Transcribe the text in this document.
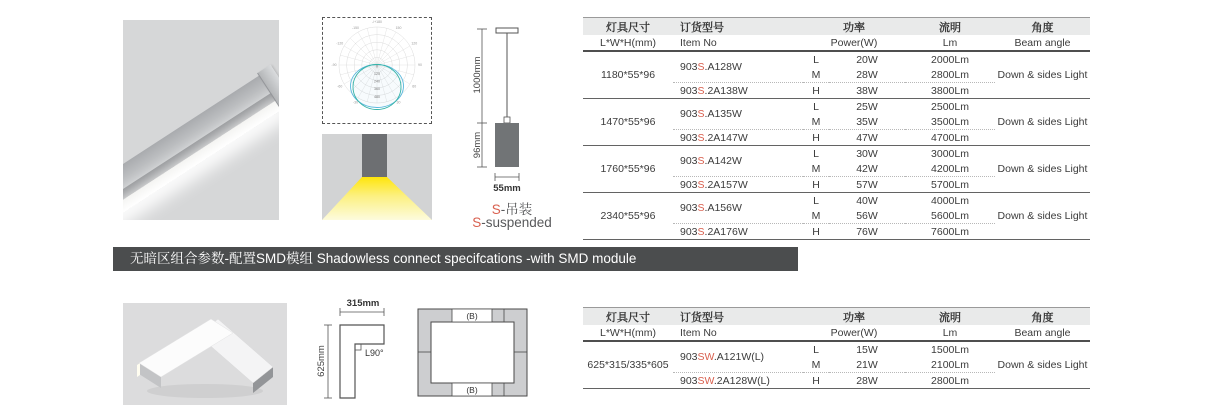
-/+180
-150	150
-120	120
-90	90
-60	60
-30	30
0
120
240
360
480
1000mm
96mm
55mm
S-吊装
S-suspended
灯具尺寸	订货型号	功率		流明	角度
L*W*H(mm)	Item No	Power(W)		Lm	Beam angle
1180*55*96	903S.A128W	L	20W	2000Lm	Down & sides Light
		M	28W	2800Lm	
	903S.2A138W	H	38W	3800Lm	
1470*55*96	903S.A135W	L	25W	2500Lm	Down & sides Light
		M	35W	3500Lm	
	903S.2A147W	H	47W	4700Lm	
1760*55*96	903S.A142W	L	30W	3000Lm	Down & sides Light
		M	42W	4200Lm	
	903S.2A157W	H	57W	5700Lm	
2340*55*96	903S.A156W	L	40W	4000Lm	Down & sides Light
		M	56W	5600Lm	
	903S.2A176W	H	76W	7600Lm	
无暗区组合参数-配置SMD模组 Shadowless connect specifcations -with SMD module
315mm
L90°
625mm
(B)
(B)
灯具尺寸	订货型号	功率		流明	角度
L*W*H(mm)	Item No	Power(W)		Lm	Beam angle
625*315/335*605	903SW.A121W(L)	L	15W	1500Lm	Down & sides Light
		M	21W	2100Lm	
	903SW.2A128W(L)	H	28W	2800Lm	
